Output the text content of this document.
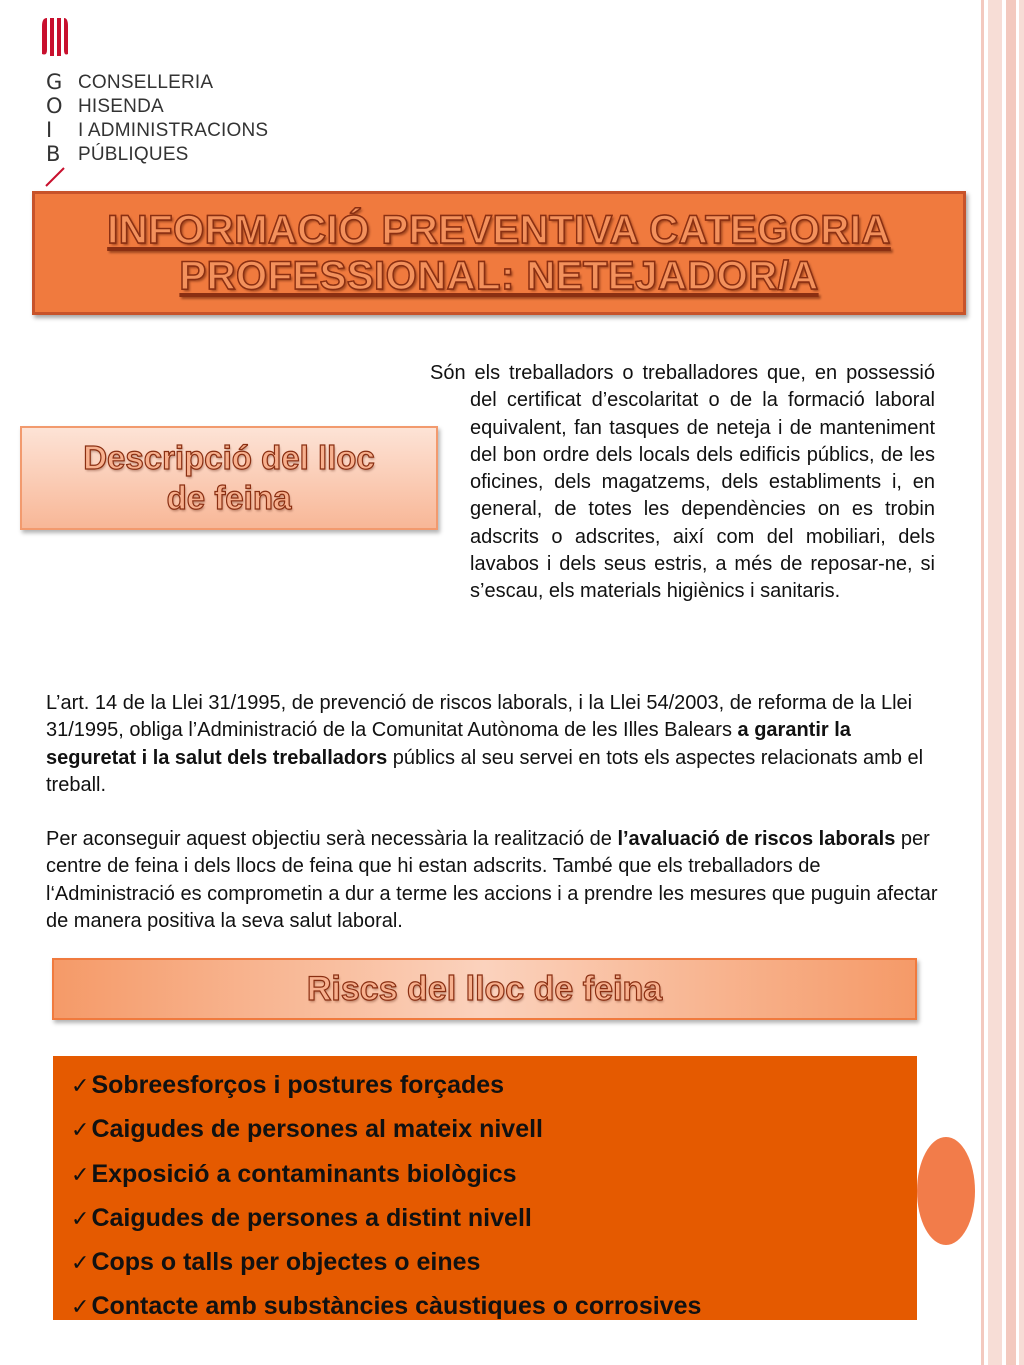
G
O
I
B
CONSELLERIA
HISENDA
I ADMINISTRACIONS
PÚBLIQUES
INFORMACIÓ PREVENTIVA CATEGORIA
PROFESSIONAL: NETEJADOR/A
Descripció del lloc
de feina
Són els treballadors o treballadores que, en possessió del certificat d’escolaritat o de la formació laboral equivalent, fan tasques de neteja i de manteniment del bon ordre dels locals dels edificis públics, de les oficines, dels magatzems, dels establiments i, en general, de totes les dependències on es trobin adscrits o adscrites, així com del mobiliari, dels lavabos i dels seus estris, a més de reposar-ne, si s’escau, els materials higiènics i sanitaris.
L’art. 14 de la Llei 31/1995, de prevenció de riscos laborals, i la Llei 54/2003, de reforma de la Llei 31/1995, obliga l’Administració de la Comunitat Autònoma de les Illes Balears a garantir la seguretat i la salut dels treballadors públics al seu servei en tots els aspectes relacionats amb el treball.
Per aconseguir aquest objectiu serà necessària la realització de l’avaluació de riscos laborals per centre de feina i dels llocs de feina que hi estan adscrits. També que els treballadors de l‘Administració es comprometin a dur a terme les accions i a prendre les mesures que puguin afectar de manera positiva la seva salut laboral.
Riscs del lloc de feina
✓Sobreesforços i postures forçades
✓Caigudes de persones al mateix nivell
✓Exposició a contaminants biològics
✓Caigudes de persones a distint nivell
✓Cops o talls per objectes o eines
✓Contacte amb substàncies càustiques o corrosives
